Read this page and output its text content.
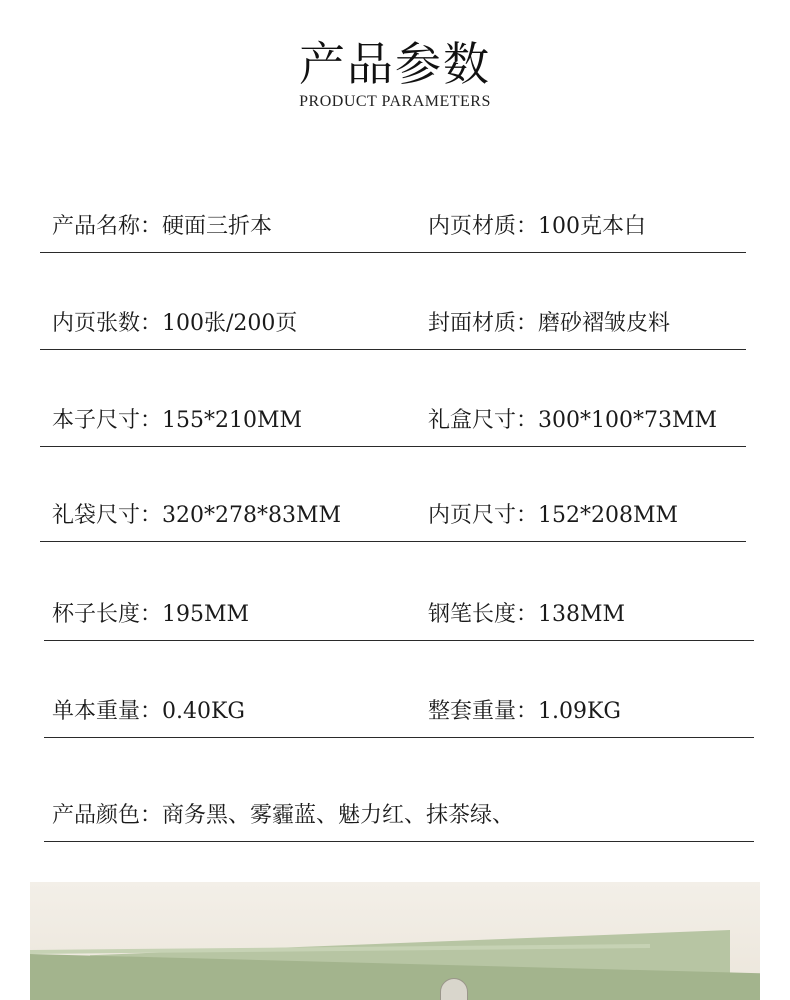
产品参数
PRODUCT PARAMETERS
产品名称：硬面三折本	内页材质：100克本白
内页张数：100张/200页	封面材质：磨砂褶皱皮料
本子尺寸：155*210MM	礼盒尺寸：300*100*73MM
礼袋尺寸：320*278*83MM	内页尺寸：152*208MM
杯子长度：195MM	钢笔长度：138MM
单本重量：0.40KG	整套重量：1.09KG
产品颜色：商务黑、雾霾蓝、魅力红、抹茶绿、
